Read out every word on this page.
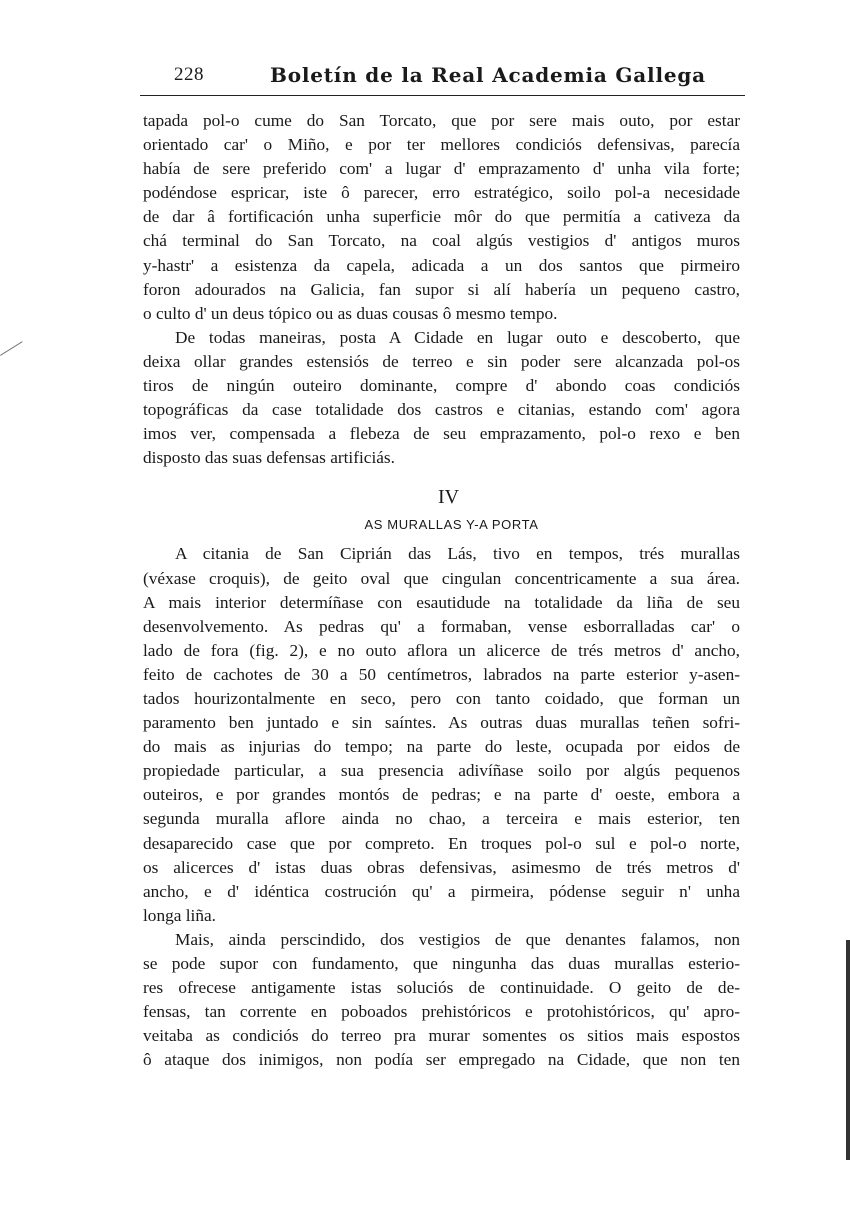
228	Boletín de la Real Academia Gallega
tapada pol-o cume do San Torcato, que por sere mais outo, por estar
orientado car' o Miño, e por ter mellores condiciós defensivas, parecía
había de sere preferido com' a lugar d' emprazamento d' unha vila forte;
podéndose espricar, iste ô parecer, erro estratégico, soilo pol-a necesidade
de dar â fortificación unha superficie môr do que permitía a cativeza da
chá terminal do San Torcato, na coal algús vestigios d' antigos muros
y-hastr' a esistenza da capela, adicada a un dos santos que pirmeiro
foron adourados na Galicia, fan supor si alí habería un pequeno castro,
o culto d' un deus tópico ou as duas cousas ô mesmo tempo.
De todas maneiras, posta A Cidade en lugar outo e descoberto, que
deixa ollar grandes estensiós de terreo e sin poder sere alcanzada pol-os
tiros de ningún outeiro dominante, compre d' abondo coas condiciós
topográficas da case totalidade dos castros e citanias, estando com' agora
imos ver, compensada a flebeza de seu emprazamento, pol-o rexo e ben
disposto das suas defensas artificiás.
IV
AS MURALLAS Y-A PORTA
A citania de San Ciprián das Lás, tivo en tempos, trés murallas
(véxase croquis), de geito oval que cingulan concentricamente a sua área.
A mais interior determíñase con esautidude na totalidade da liña de seu
desenvolvemento. As pedras qu' a formaban, vense esborralladas car' o
lado de fora (fig. 2), e no outo aflora un alicerce de trés metros d' ancho,
feito de cachotes de 30 a 50 centímetros, labrados na parte esterior y-asen-
tados hourizontalmente en seco, pero con tanto coidado, que forman un
paramento ben juntado e sin saíntes. As outras duas murallas teñen sofri-
do mais as injurias do tempo; na parte do leste, ocupada por eidos de
propiedade particular, a sua presencia adivíñase soilo por algús pequenos
outeiros, e por grandes montós de pedras; e na parte d' oeste, embora a
segunda muralla aflore ainda no chao, a terceira e mais esterior, ten
desaparecido case que por compreto. En troques pol-o sul e pol-o norte,
os alicerces d' istas duas obras defensivas, asimesmo de trés metros d'
ancho, e d' idéntica costrución qu' a pirmeira, pódense seguir n' unha
longa liña.
Mais, ainda perscindido, dos vestigios de que denantes falamos, non
se pode supor con fundamento, que ningunha das duas murallas esterio-
res ofrecese antigamente istas soluciós de continuidade. O geito de de-
fensas, tan corrente en poboados prehistóricos e protohistóricos, qu' apro-
veitaba as condiciós do terreo pra murar somentes os sitios mais espostos
ô ataque dos inimigos, non podía ser empregado na Cidade, que non ten
